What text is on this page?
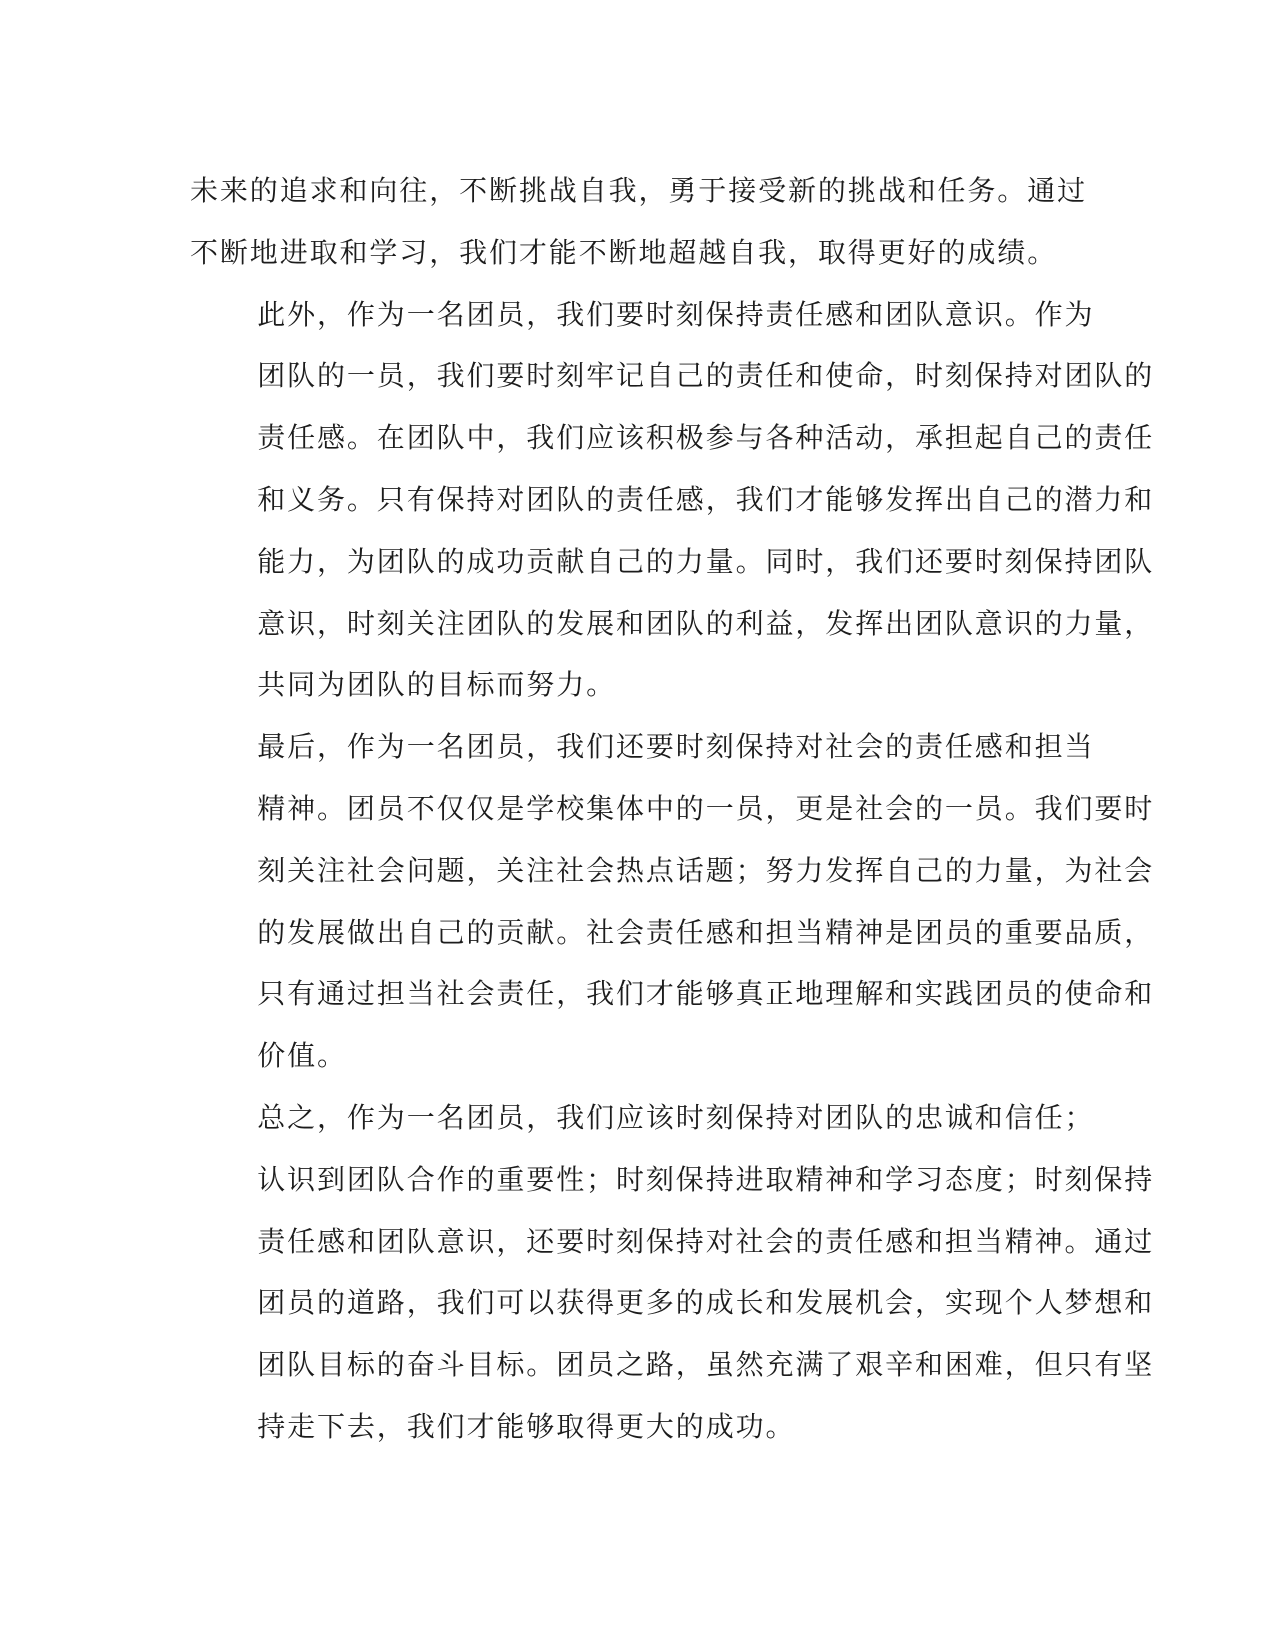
未来的追求和向往，不断挑战自我，勇于接受新的挑战和任务。通过
不断地进取和学习，我们才能不断地超越自我，取得更好的成绩。

此外，作为一名团员，我们要时刻保持责任感和团队意识。作为
团队的一员，我们要时刻牢记自己的责任和使命，时刻保持对团队的
责任感。在团队中，我们应该积极参与各种活动，承担起自己的责任
和义务。只有保持对团队的责任感，我们才能够发挥出自己的潜力和
能力，为团队的成功贡献自己的力量。同时，我们还要时刻保持团队
意识，时刻关注团队的发展和团队的利益，发挥出团队意识的力量，
共同为团队的目标而努力。

最后，作为一名团员，我们还要时刻保持对社会的责任感和担当
精神。团员不仅仅是学校集体中的一员，更是社会的一员。我们要时
刻关注社会问题，关注社会热点话题；努力发挥自己的力量，为社会
的发展做出自己的贡献。社会责任感和担当精神是团员的重要品质，
只有通过担当社会责任，我们才能够真正地理解和实践团员的使命和
价值。

总之，作为一名团员，我们应该时刻保持对团队的忠诚和信任；
认识到团队合作的重要性；时刻保持进取精神和学习态度；时刻保持
责任感和团队意识，还要时刻保持对社会的责任感和担当精神。通过
团员的道路，我们可以获得更多的成长和发展机会，实现个人梦想和
团队目标的奋斗目标。团员之路，虽然充满了艰辛和困难，但只有坚
持走下去，我们才能够取得更大的成功。
